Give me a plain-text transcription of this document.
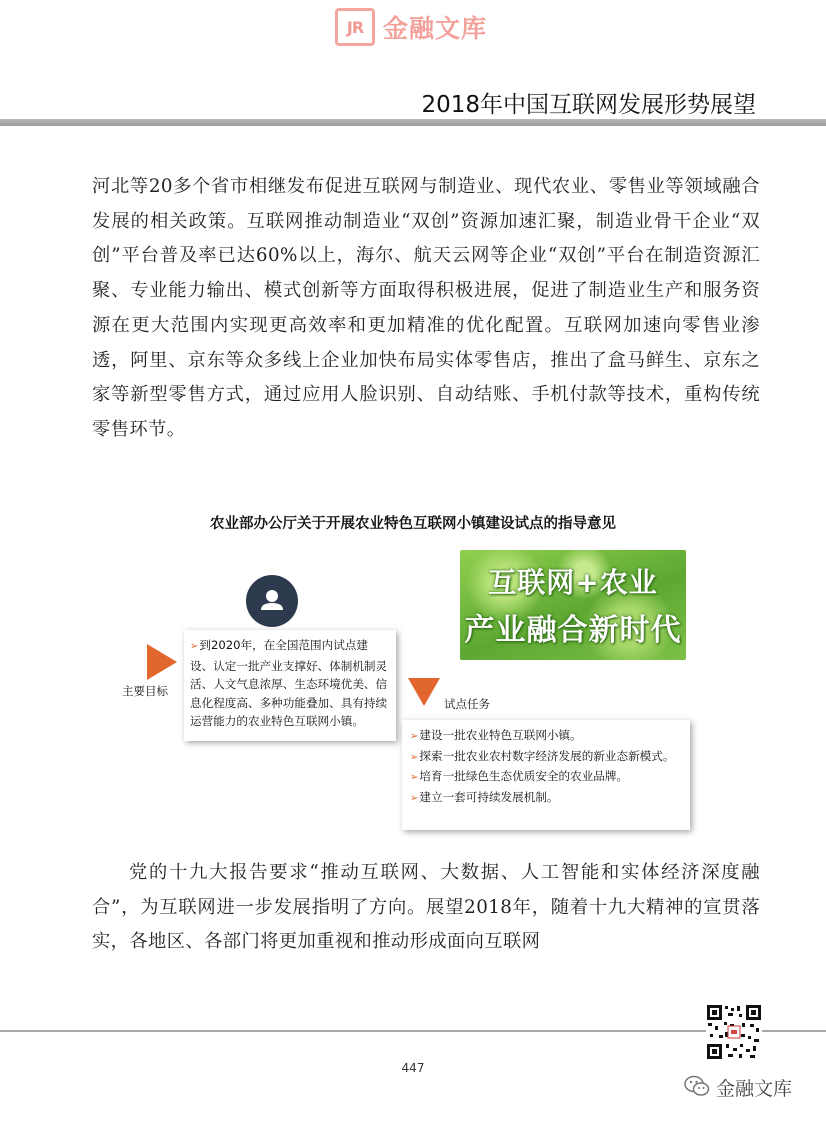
JR 金融文库
2018年中国互联网发展形势展望
河北等20多个省市相继发布促进互联网与制造业、现代农业、零售业等领域融合发展的相关政策。互联网推动制造业“双创”资源加速汇聚，制造业骨干企业“双创”平台普及率已达60%以上，海尔、航天云网等企业“双创”平台在制造资源汇聚、专业能力输出、模式创新等方面取得积极进展，促进了制造业生产和服务资源在更大范围内实现更高效率和更加精准的优化配置。互联网加速向零售业渗透，阿里、京东等众多线上企业加快布局实体零售店，推出了盒马鲜生、京东之家等新型零售方式，通过应用人脸识别、自动结账、手机付款等技术，重构传统零售环节。
农业部办公厅关于开展农业特色互联网小镇建设试点的指导意见
互联网+农业
产业融合新时代
主要目标
➢到2020年，在全国范围内试点建设、认定一批产业支撑好、体制机制灵活、人文气息浓厚、生态环境优美、信息化程度高、多种功能叠加、具有持续运营能力的农业特色互联网小镇。
试点任务
➢建设一批农业特色互联网小镇。
➢探索一批农业农村数字经济发展的新业态新模式。
➢培育一批绿色生态优质安全的农业品牌。
➢建立一套可持续发展机制。
党的十九大报告要求“推动互联网、大数据、人工智能和实体经济深度融合”，为互联网进一步发展指明了方向。展望2018年，随着十九大精神的宣贯落实，各地区、各部门将更加重视和推动形成面向互联网
447
金融文库
